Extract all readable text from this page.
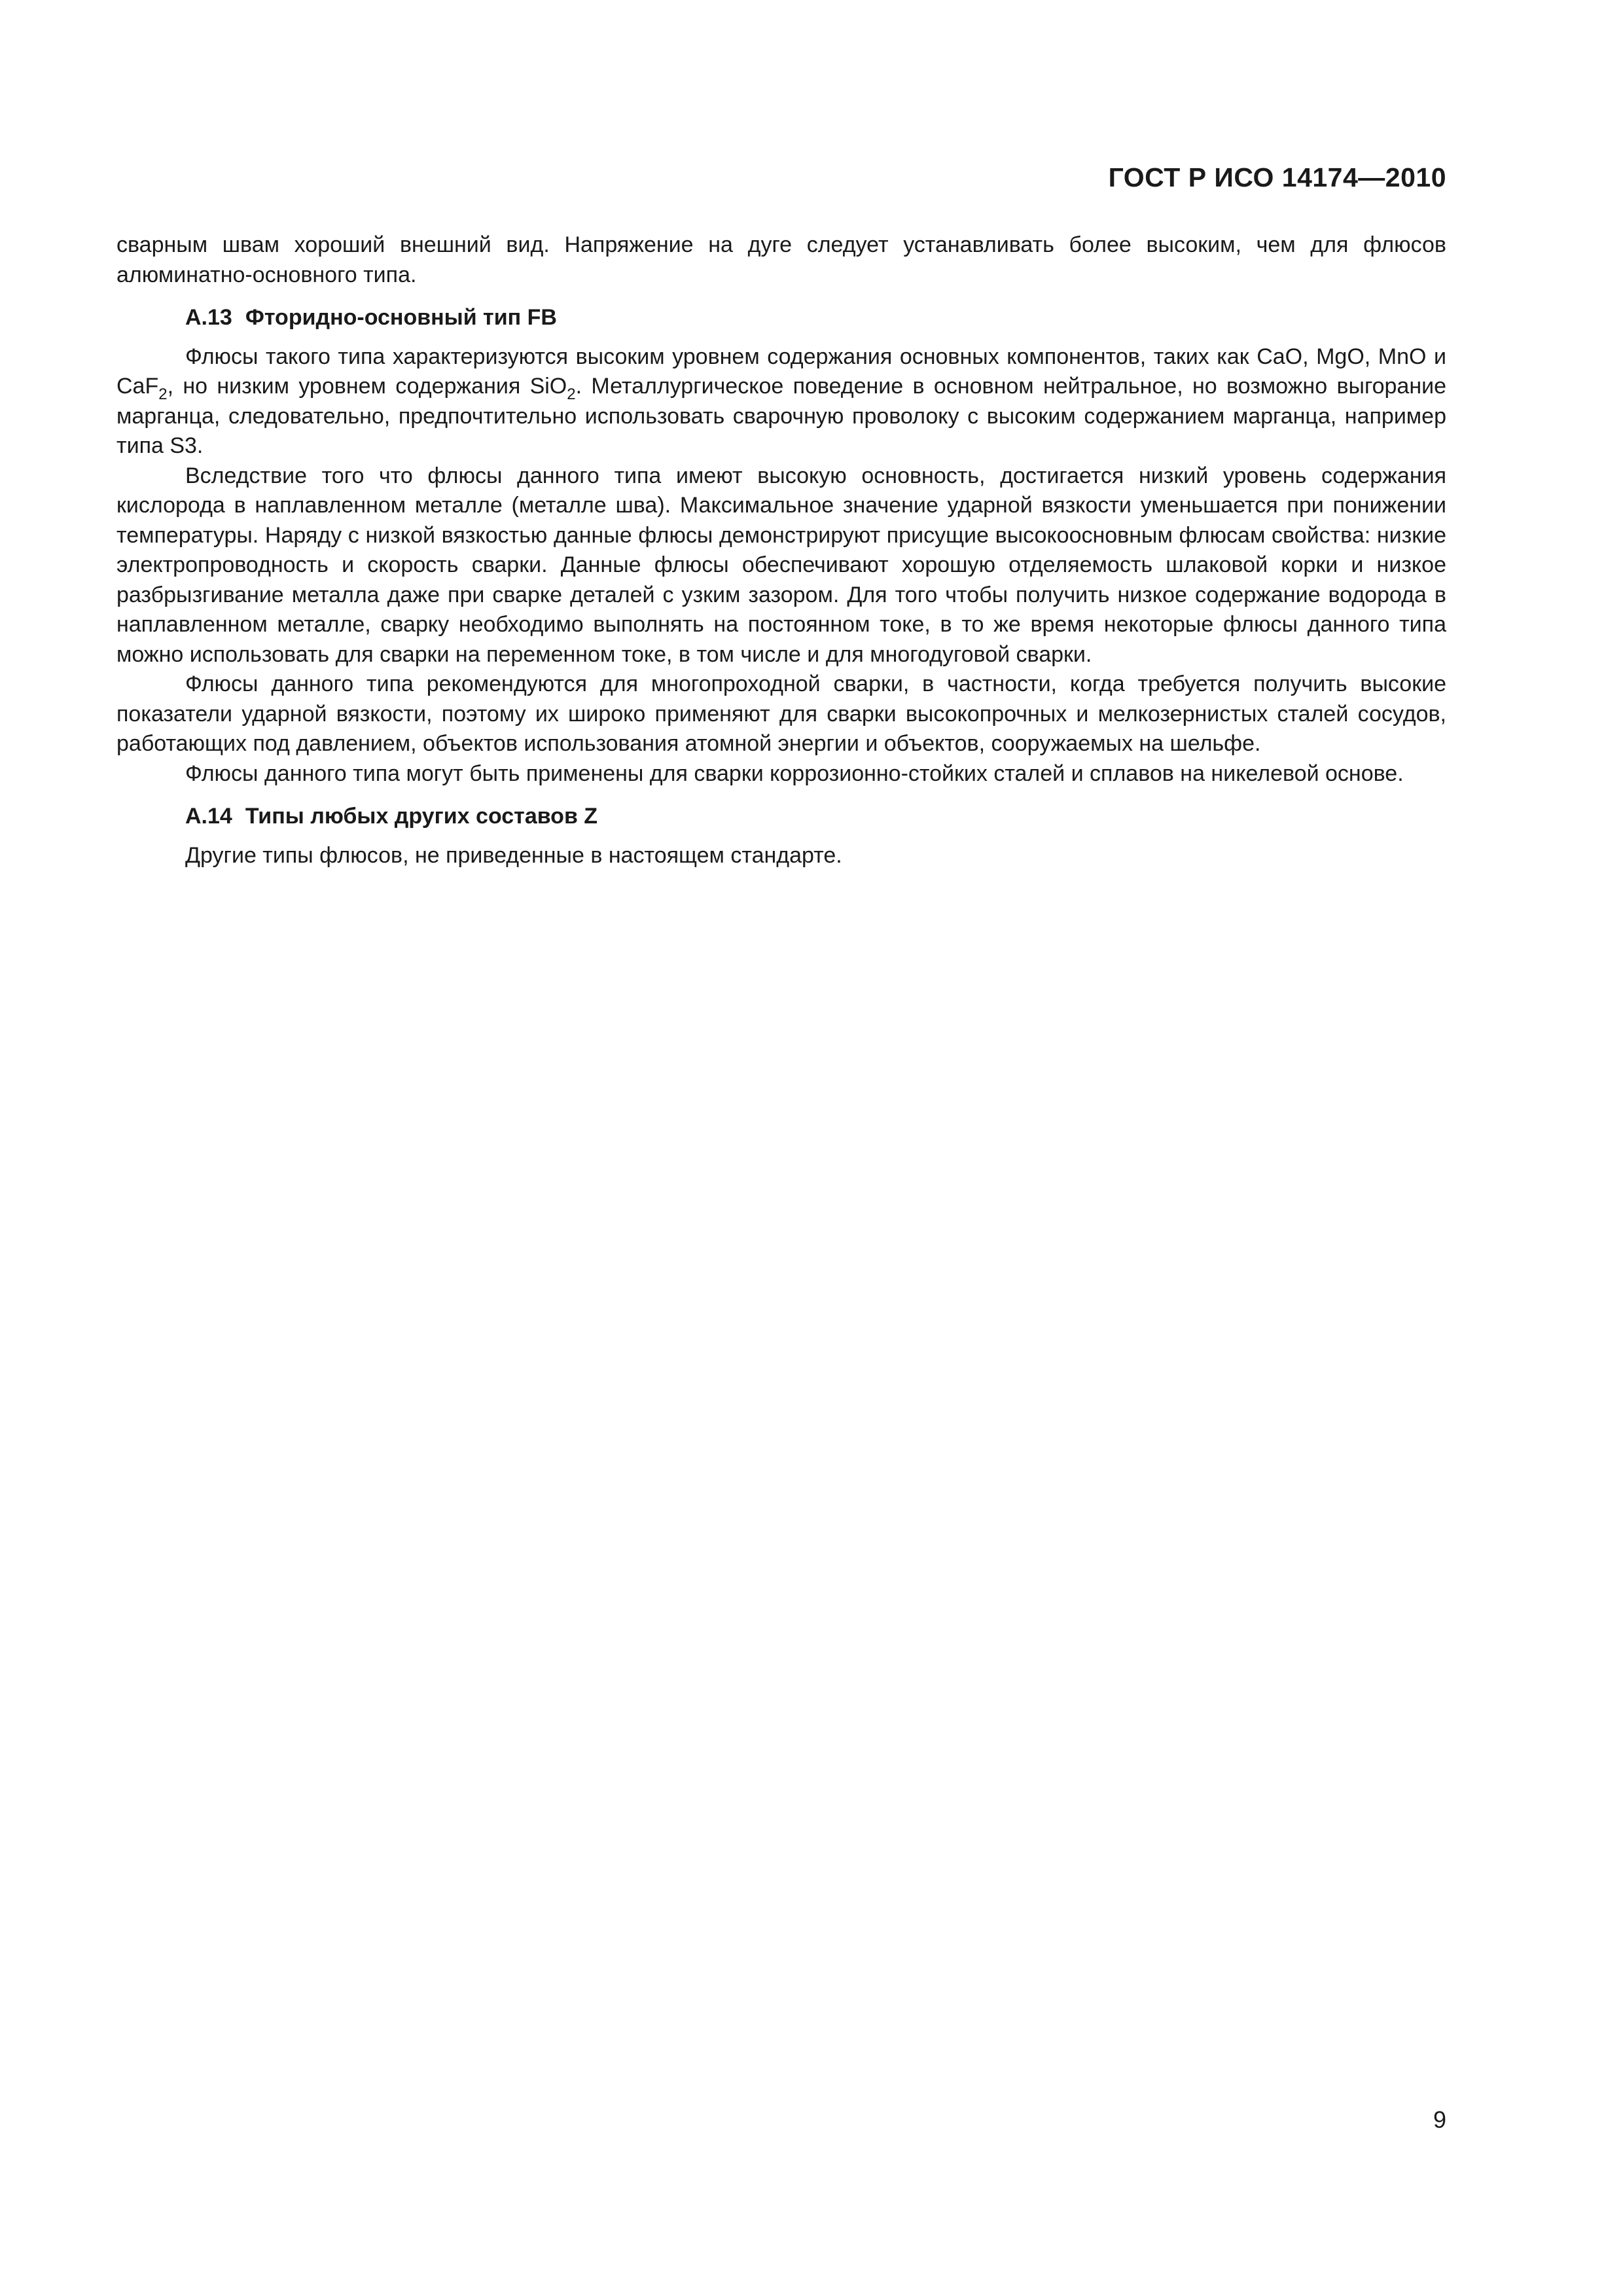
ГОСТ Р ИСО 14174—2010

сварным швам хороший внешний вид. Напряжение на дуге следует устанавливать более высоким, чем для флюсов алюминатно-основного типа.

А.13 Фторидно-основный тип FB

Флюсы такого типа характеризуются высоким уровнем содержания основных компонентов, таких как CaO, MgO, MnO и CaF$_2$, но низким уровнем содержания SiO$_2$. Металлургическое поведение в основном нейтральное, но возможно выгорание марганца, следовательно, предпочтительно использовать сварочную проволоку с высоким содержанием марганца, например типа S3.

Вследствие того что флюсы данного типа имеют высокую основность, достигается низкий уровень содержания кислорода в наплавленном металле (металле шва). Максимальное значение ударной вязкости уменьшается при понижении температуры. Наряду с низкой вязкостью данные флюсы демонстрируют присущие высокоосновным флюсам свойства: низкие электропроводность и скорость сварки. Данные флюсы обеспечивают хорошую отделяемость шлаковой корки и низкое разбрызгивание металла даже при сварке деталей с узким зазором. Для того чтобы получить низкое содержание водорода в наплавленном металле, сварку необходимо выполнять на постоянном токе, в то же время некоторые флюсы данного типа можно использовать для сварки на переменном токе, в том числе и для многодуговой сварки.

Флюсы данного типа рекомендуются для многопроходной сварки, в частности, когда требуется получить высокие показатели ударной вязкости, поэтому их широко применяют для сварки высокопрочных и мелкозернистых сталей сосудов, работающих под давлением, объектов использования атомной энергии и объектов, сооружаемых на шельфе.

Флюсы данного типа могут быть применены для сварки коррозионно-стойких сталей и сплавов на никелевой основе.

А.14 Типы любых других составов Z

Другие типы флюсов, не приведенные в настоящем стандарте.

9
